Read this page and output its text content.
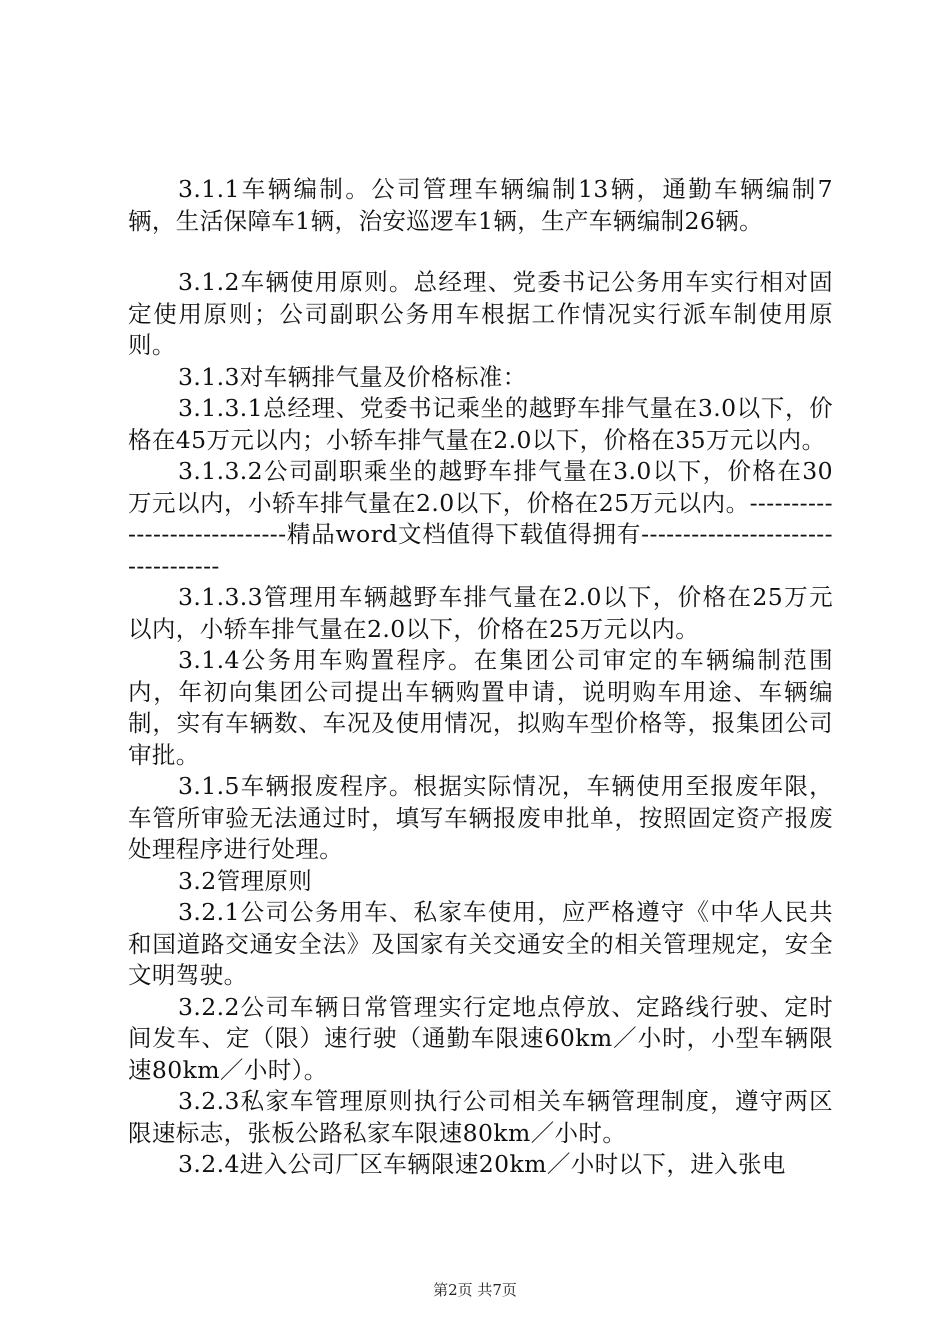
3.1.1车辆编制。公司管理车辆编制13辆，通勤车辆编制7辆，生活保障车1辆，治安巡逻车1辆，生产车辆编制26辆。

3.1.2车辆使用原则。总经理、党委书记公务用车实行相对固定使用原则；公司副职公务用车根据工作情况实行派车制使用原则。

3.1.3对车辆排气量及价格标准：

3.1.3.1总经理、党委书记乘坐的越野车排气量在3.0以下，价格在45万元以内；小轿车排气量在2.0以下，价格在35万元以内。

3.1.3.2公司副职乘坐的越野车排气量在3.0以下，价格在30万元以内，小轿车排气量在2.0以下，价格在25万元以内。-----------------------------精品word文档值得下载值得拥有----------------------------------

3.1.3.3管理用车辆越野车排气量在2.0以下，价格在25万元以内，小轿车排气量在2.0以下，价格在25万元以内。

3.1.4公务用车购置程序。在集团公司审定的车辆编制范围内，年初向集团公司提出车辆购置申请，说明购车用途、车辆编制，实有车辆数、车况及使用情况，拟购车型价格等，报集团公司审批。

3.1.5车辆报废程序。根据实际情况，车辆使用至报废年限，车管所审验无法通过时，填写车辆报废申批单，按照固定资产报废处理程序进行处理。

3.2管理原则

3.2.1公司公务用车、私家车使用，应严格遵守《中华人民共和国道路交通安全法》及国家有关交通安全的相关管理规定，安全文明驾驶。

3.2.2公司车辆日常管理实行定地点停放、定路线行驶、定时间发车、定（限）速行驶（通勤车限速60km／小时，小型车辆限速80km／小时）。

3.2.3私家车管理原则执行公司相关车辆管理制度，遵守两区限速标志，张板公路私家车限速80km／小时。

3.2.4进入公司厂区车辆限速20km／小时以下，进入张电

第2页 共7页
